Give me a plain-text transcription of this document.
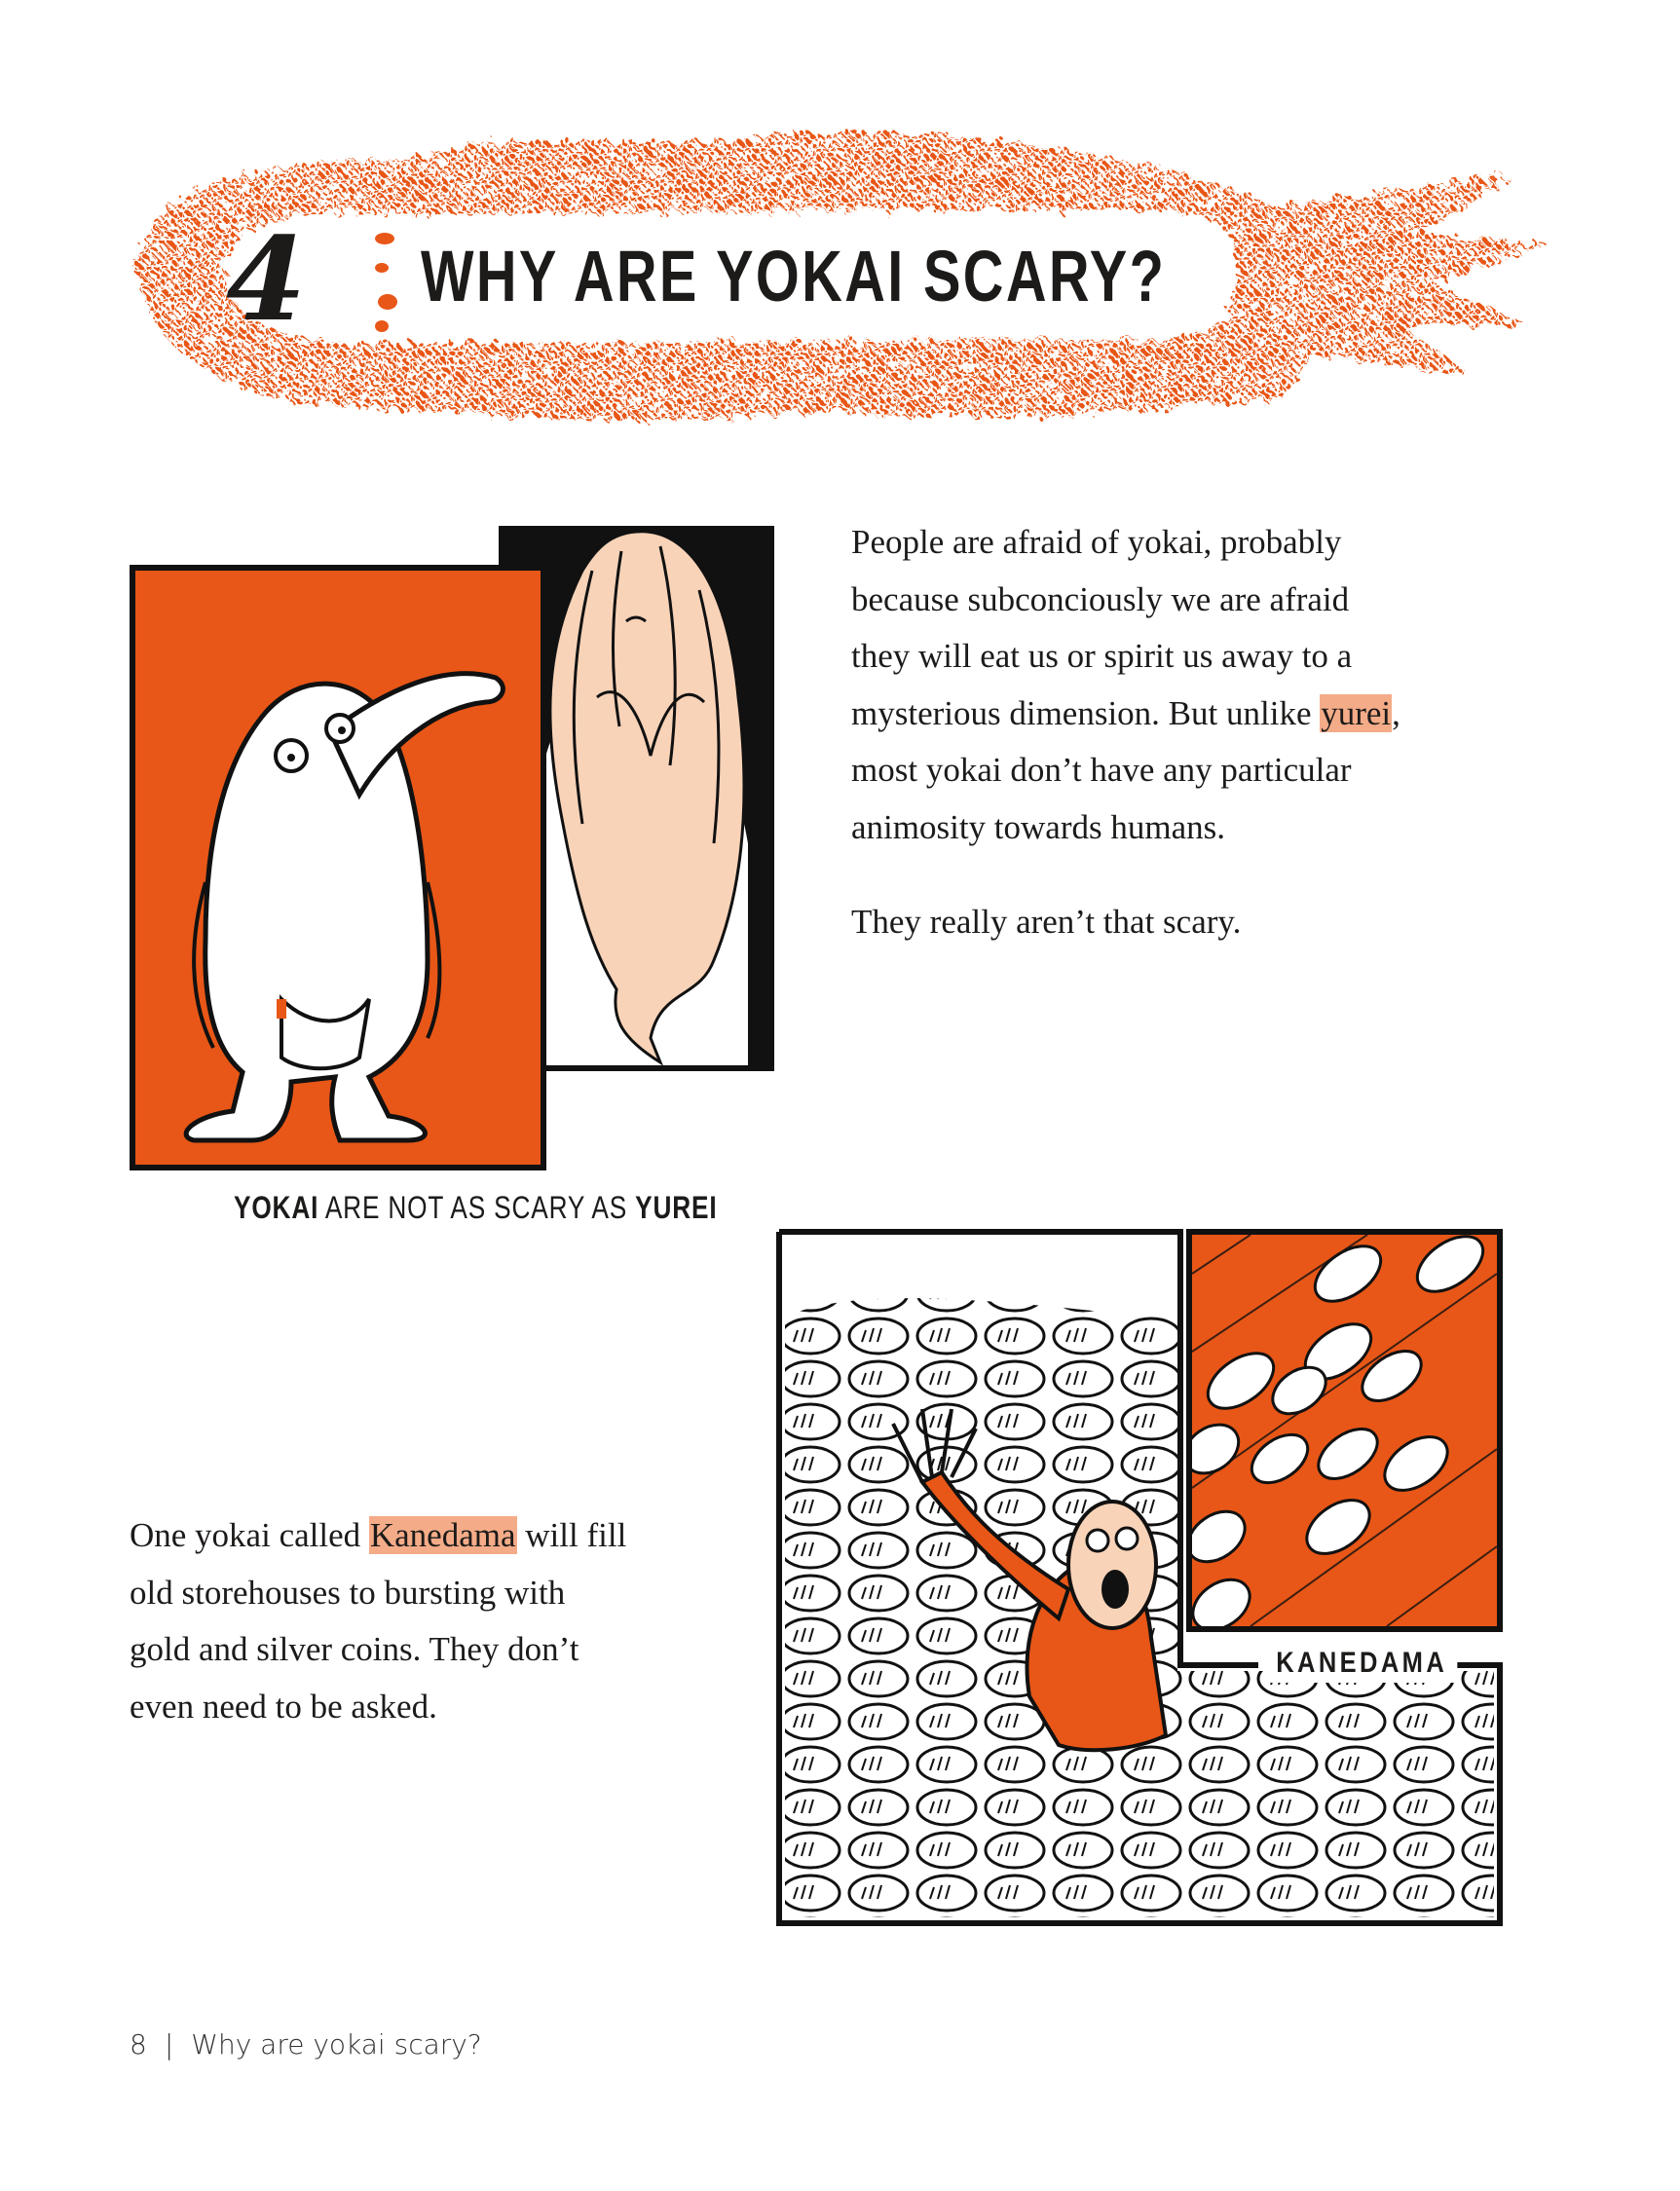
4 WHY ARE YOKAI SCARY?
YOKAI ARE NOT AS SCARY AS YUREI
People are afraid of yokai, probably
because subconciously we are afraid
they will eat us or spirit us away to a
mysterious dimension. But unlike yurei,
most yokai don’t have any particular
animosity towards humans.
They really aren’t that scary.
One yokai called Kanedama will fill
old storehouses to bursting with
gold and silver coins. They don’t
even need to be asked.
KANEDAMA
8 | Why are yokai scary?
